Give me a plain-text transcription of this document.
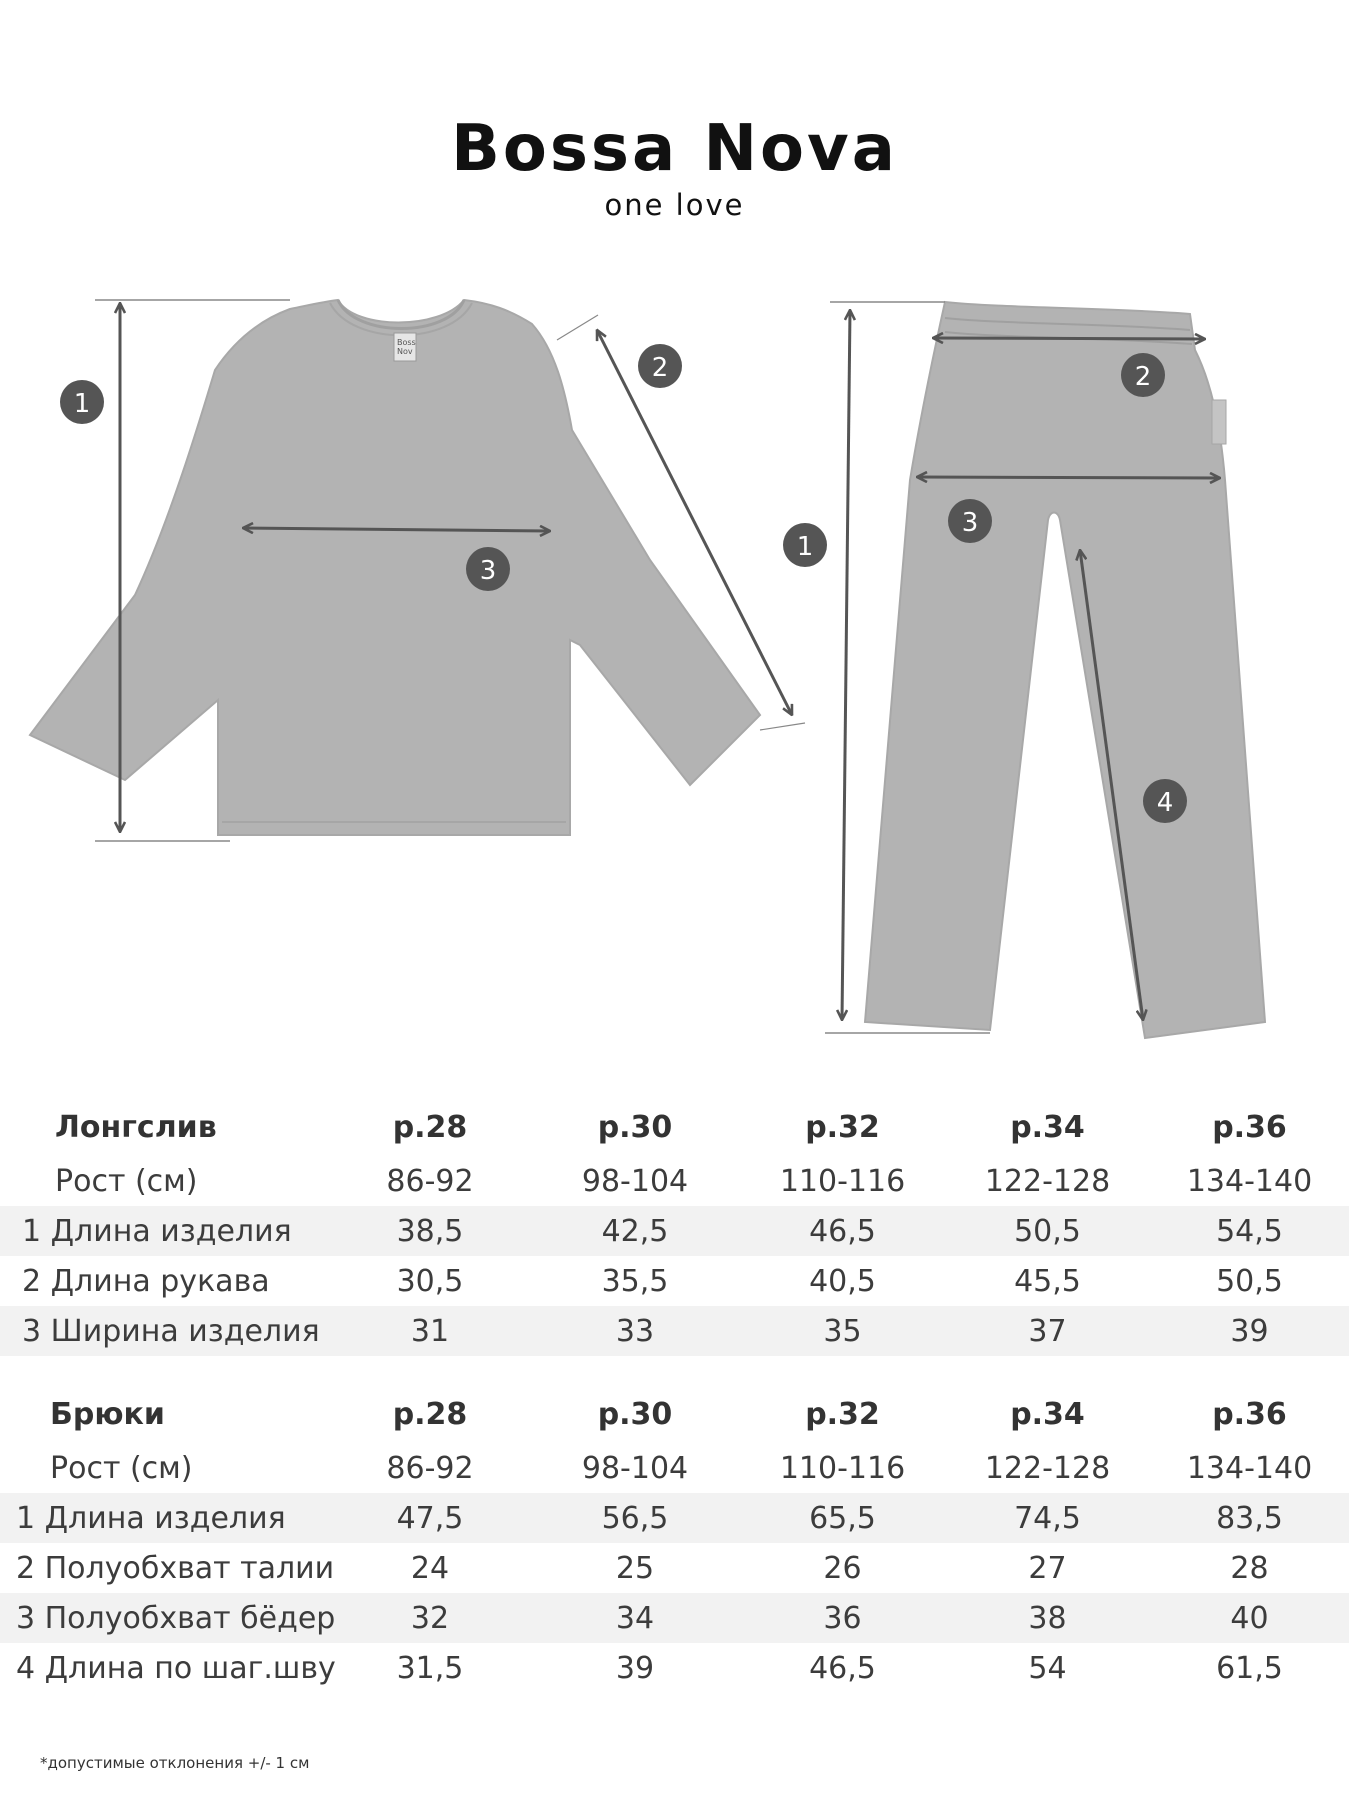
Bossa Nova
one love
Boss
Nov
1
2
3
1
2
3
4
Лонгслив	р.28	р.30	р.32	р.34	р.36
Рост (см)	86-92	98-104	110-116	122-128	134-140
1 Длина изделия	38,5	42,5	46,5	50,5	54,5
2 Длина рукава	30,5	35,5	40,5	45,5	50,5
3 Ширина изделия	31	33	35	37	39
Брюки	р.28	р.30	р.32	р.34	р.36
Рост (см)	86-92	98-104	110-116	122-128	134-140
1 Длина изделия	47,5	56,5	65,5	74,5	83,5
2 Полуобхват талии	24	25	26	27	28
3 Полуобхват бёдер	32	34	36	38	40
4 Длина по шаг.шву	31,5	39	46,5	54	61,5
*допустимые отклонения +/- 1 см
